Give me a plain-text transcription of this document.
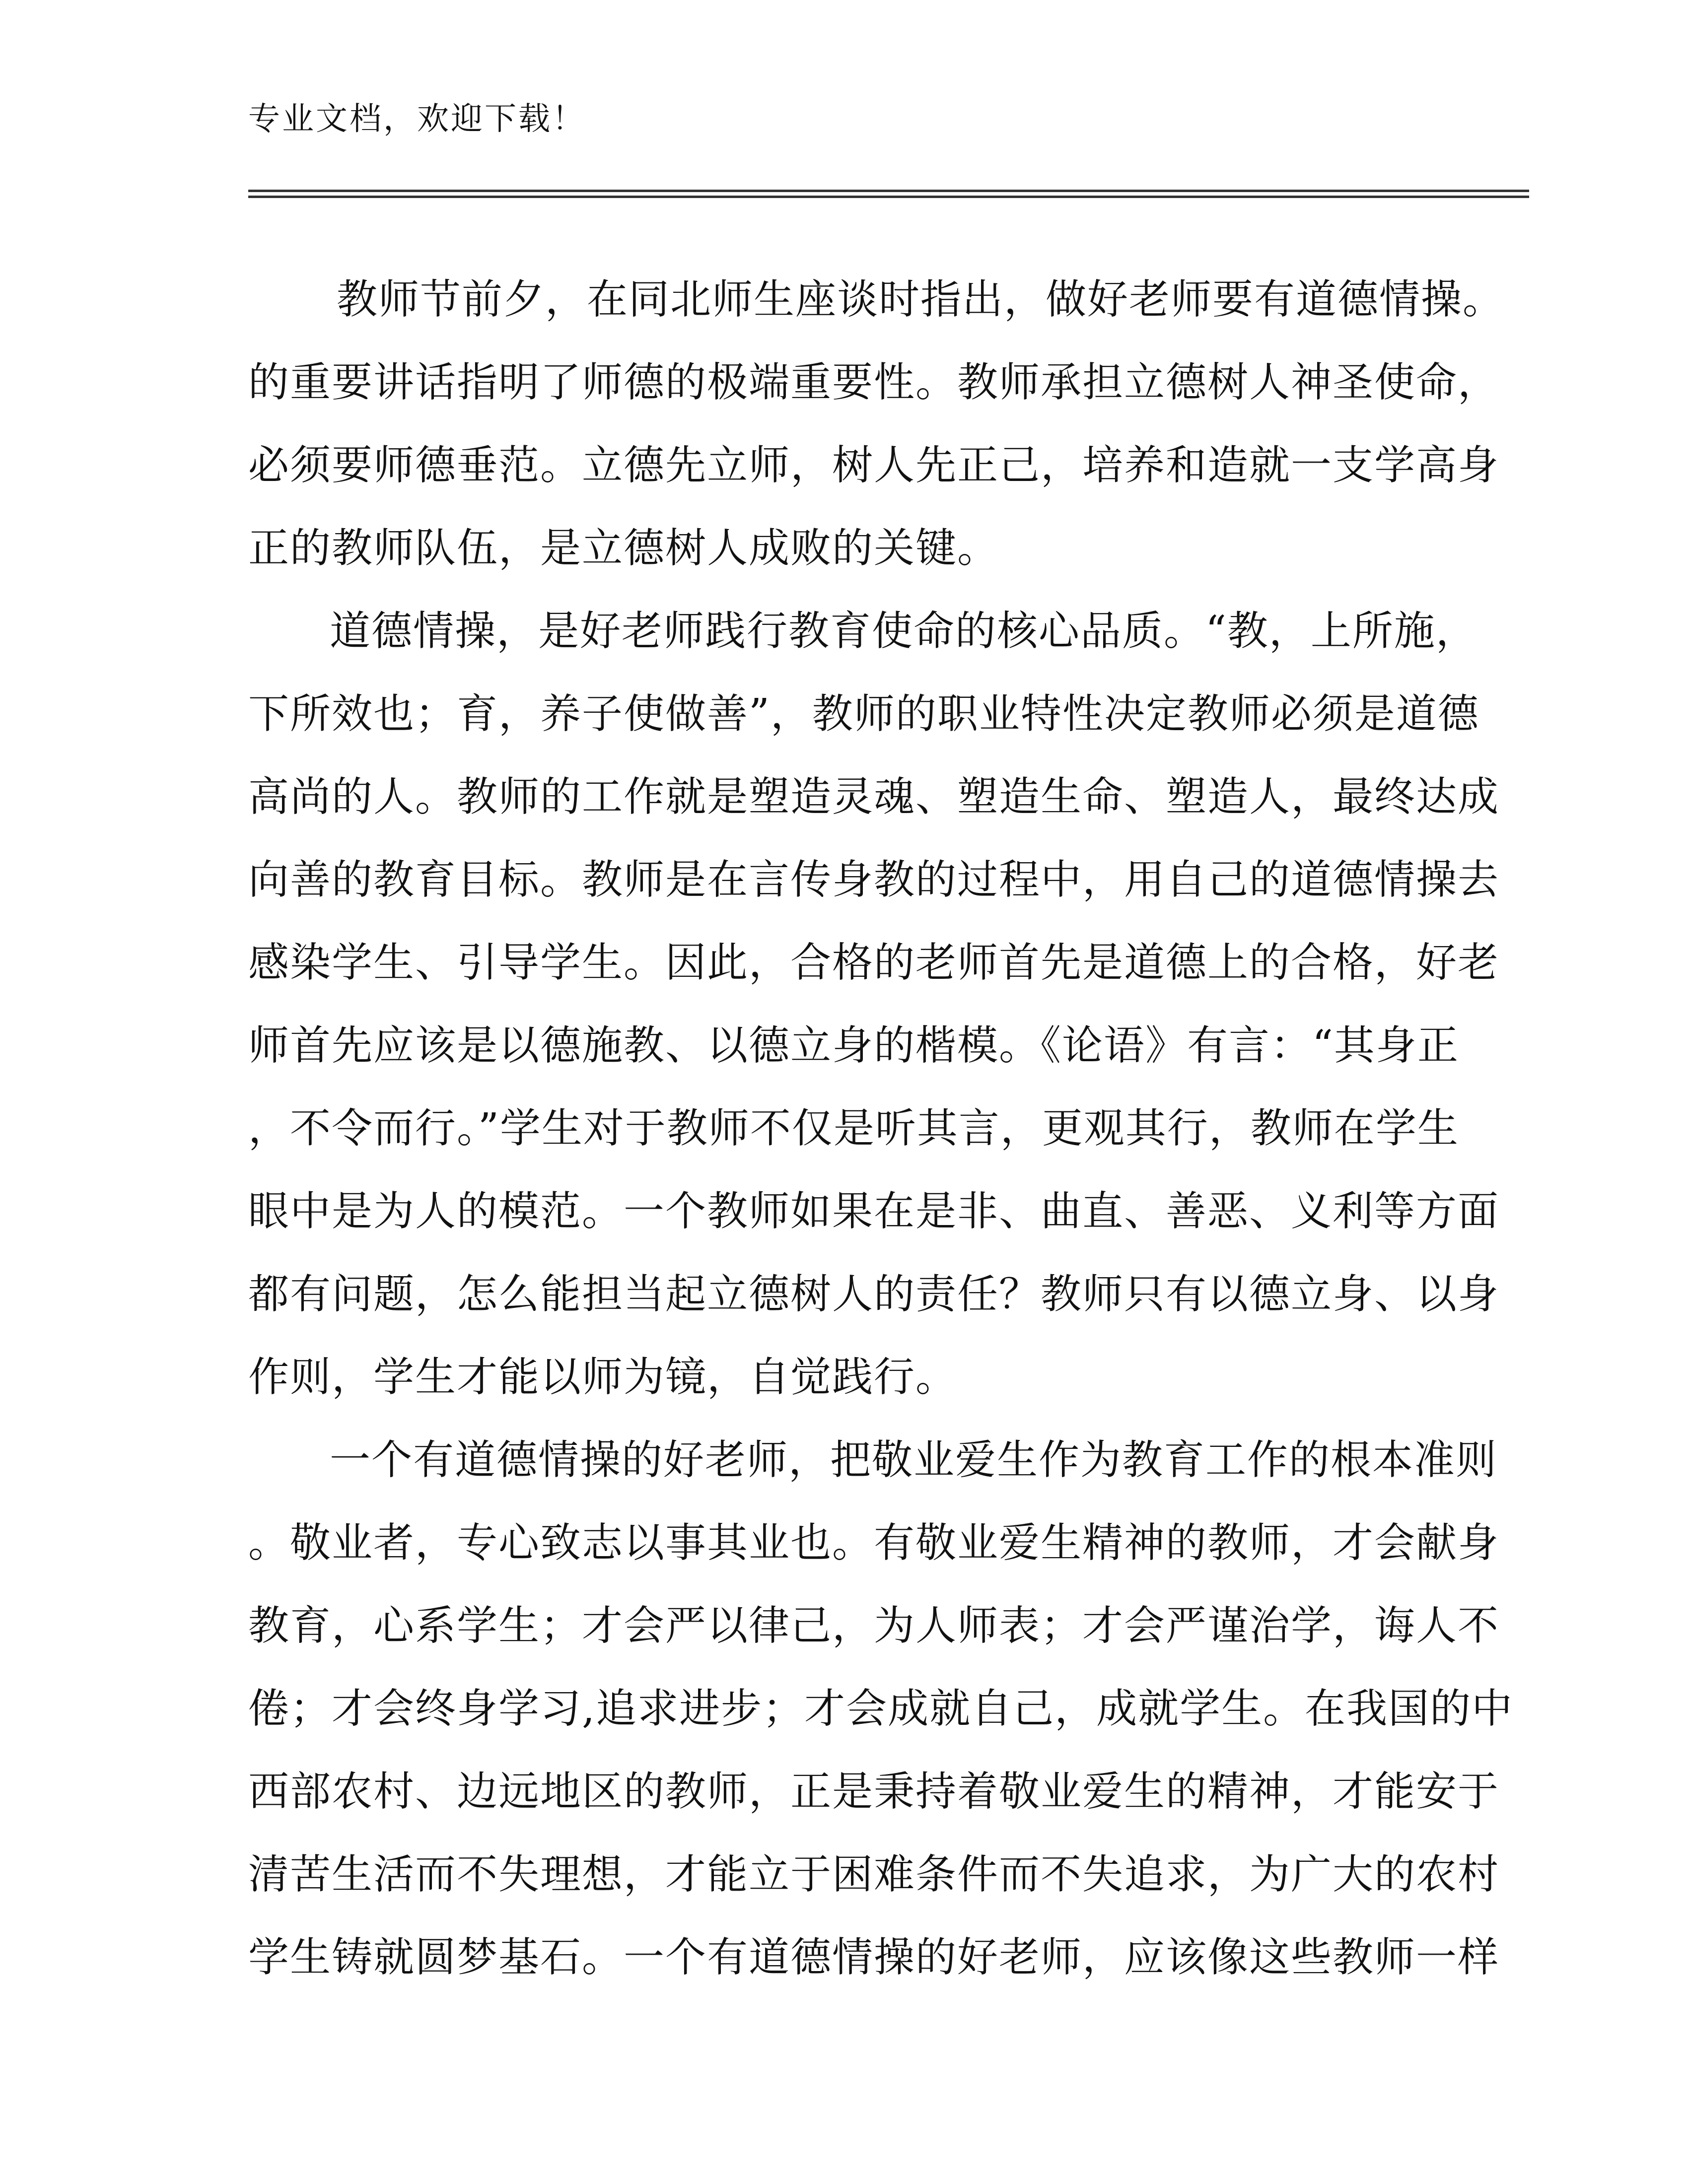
专业文档，欢迎下载！
教师节前夕，在同北师生座谈时指出，做好老师要有道德情操。
的重要讲话指明了师德的极端重要性。教师承担立德树人神圣使命，
必须要师德垂范。立德先立师，树人先正己，培养和造就一支学高身
正的教师队伍，是立德树人成败的关键。
道德情操，是好老师践行教育使命的核心品质。“教，上所施，
下所效也；育，养子使做善”，教师的职业特性决定教师必须是道德
高尚的人。教师的工作就是塑造灵魂、塑造生命、塑造人，最终达成
向善的教育目标。教师是在言传身教的过程中，用自己的道德情操去
感染学生、引导学生。因此，合格的老师首先是道德上的合格，好老
师首先应该是以德施教、以德立身的楷模。《论语》有言：“其身正
，不令而行。”学生对于教师不仅是听其言，更观其行，教师在学生
眼中是为人的模范。一个教师如果在是非、曲直、善恶、义利等方面
都有问题，怎么能担当起立德树人的责任？教师只有以德立身、以身
作则，学生才能以师为镜，自觉践行。
一个有道德情操的好老师，把敬业爱生作为教育工作的根本准则
。敬业者，专心致志以事其业也。有敬业爱生精神的教师，才会献身
教育，心系学生；才会严以律己，为人师表；才会严谨治学，诲人不
倦；才会终身学习,追求进步；才会成就自己，成就学生。在我国的中
西部农村、边远地区的教师，正是秉持着敬业爱生的精神，才能安于
清苦生活而不失理想，才能立于困难条件而不失追求，为广大的农村
学生铸就圆梦基石。一个有道德情操的好老师，应该像这些教师一样
